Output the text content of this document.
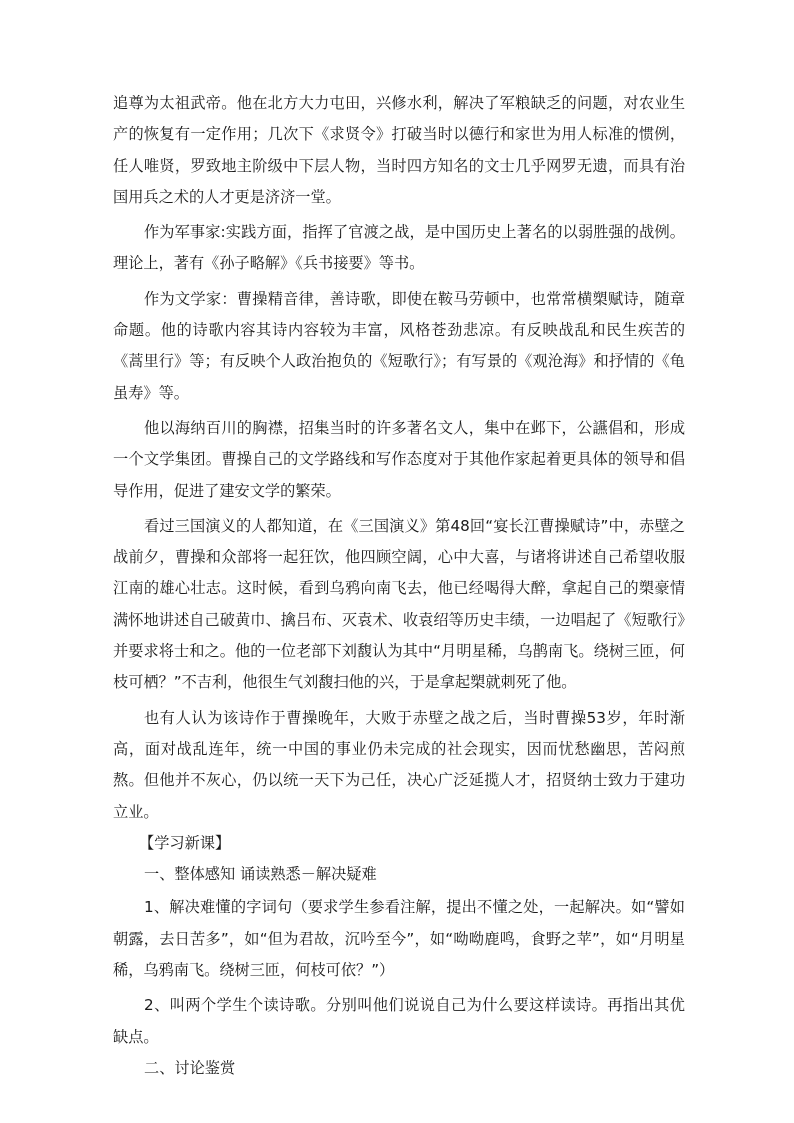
追尊为太祖武帝。他在北方大力屯田，兴修水利，解决了军粮缺乏的问题，对农业生产的恢复有一定作用；几次下《求贤令》打破当时以德行和家世为用人标准的惯例，任人唯贤，罗致地主阶级中下层人物，当时四方知名的文士几乎网罗无遗，而具有治国用兵之术的人才更是济济一堂。

作为军事家:实践方面，指挥了官渡之战，是中国历史上著名的以弱胜强的战例。理论上，著有《孙子略解》《兵书接要》等书。

作为文学家：曹操精音律，善诗歌，即使在鞍马劳顿中，也常常横槊赋诗，随章命题。他的诗歌内容其诗内容较为丰富，风格苍劲悲凉。有反映战乱和民生疾苦的《蒿里行》等；有反映个人政治抱负的《短歌行》；有写景的《观沧海》和抒情的《龟虽寿》等。

他以海纳百川的胸襟，招集当时的许多著名文人，集中在邺下，公讌倡和，形成一个文学集团。曹操自己的文学路线和写作态度对于其他作家起着更具体的领导和倡导作用，促进了建安文学的繁荣。

看过三国演义的人都知道，在《三国演义》第48回“宴长江曹操赋诗”中，赤壁之战前夕，曹操和众部将一起狂饮，他四顾空阔，心中大喜，与诸将讲述自己希望收服江南的雄心壮志。这时候，看到乌鸦向南飞去，他已经喝得大醉，拿起自己的槊豪情满怀地讲述自己破黄巾、擒吕布、灭袁术、收袁绍等历史丰绩，一边唱起了《短歌行》并要求将士和之。他的一位老部下刘馥认为其中“月明星稀，乌鹊南飞。绕树三匝，何枝可栖？”不吉利，他很生气刘馥扫他的兴，于是拿起槊就刺死了他。

也有人认为该诗作于曹操晚年，大败于赤壁之战之后，当时曹操53岁，年时渐高，面对战乱连年，统一中国的事业仍未完成的社会现实，因而忧愁幽思，苦闷煎熬。但他并不灰心，仍以统一天下为己任，决心广泛延揽人才，招贤纳士致力于建功立业。

【学习新课】

一、整体感知 诵读熟悉－解决疑难

1、解决难懂的字词句（要求学生参看注解，提出不懂之处，一起解决。如“譬如朝露，去日苦多”，如“但为君故，沉吟至今”，如“呦呦鹿鸣，食野之苹”，如“月明星稀，乌鸦南飞。绕树三匝，何枝可依？”）

2、叫两个学生个读诗歌。分别叫他们说说自己为什么要这样读诗。再指出其优缺点。

二、讨论鉴赏
